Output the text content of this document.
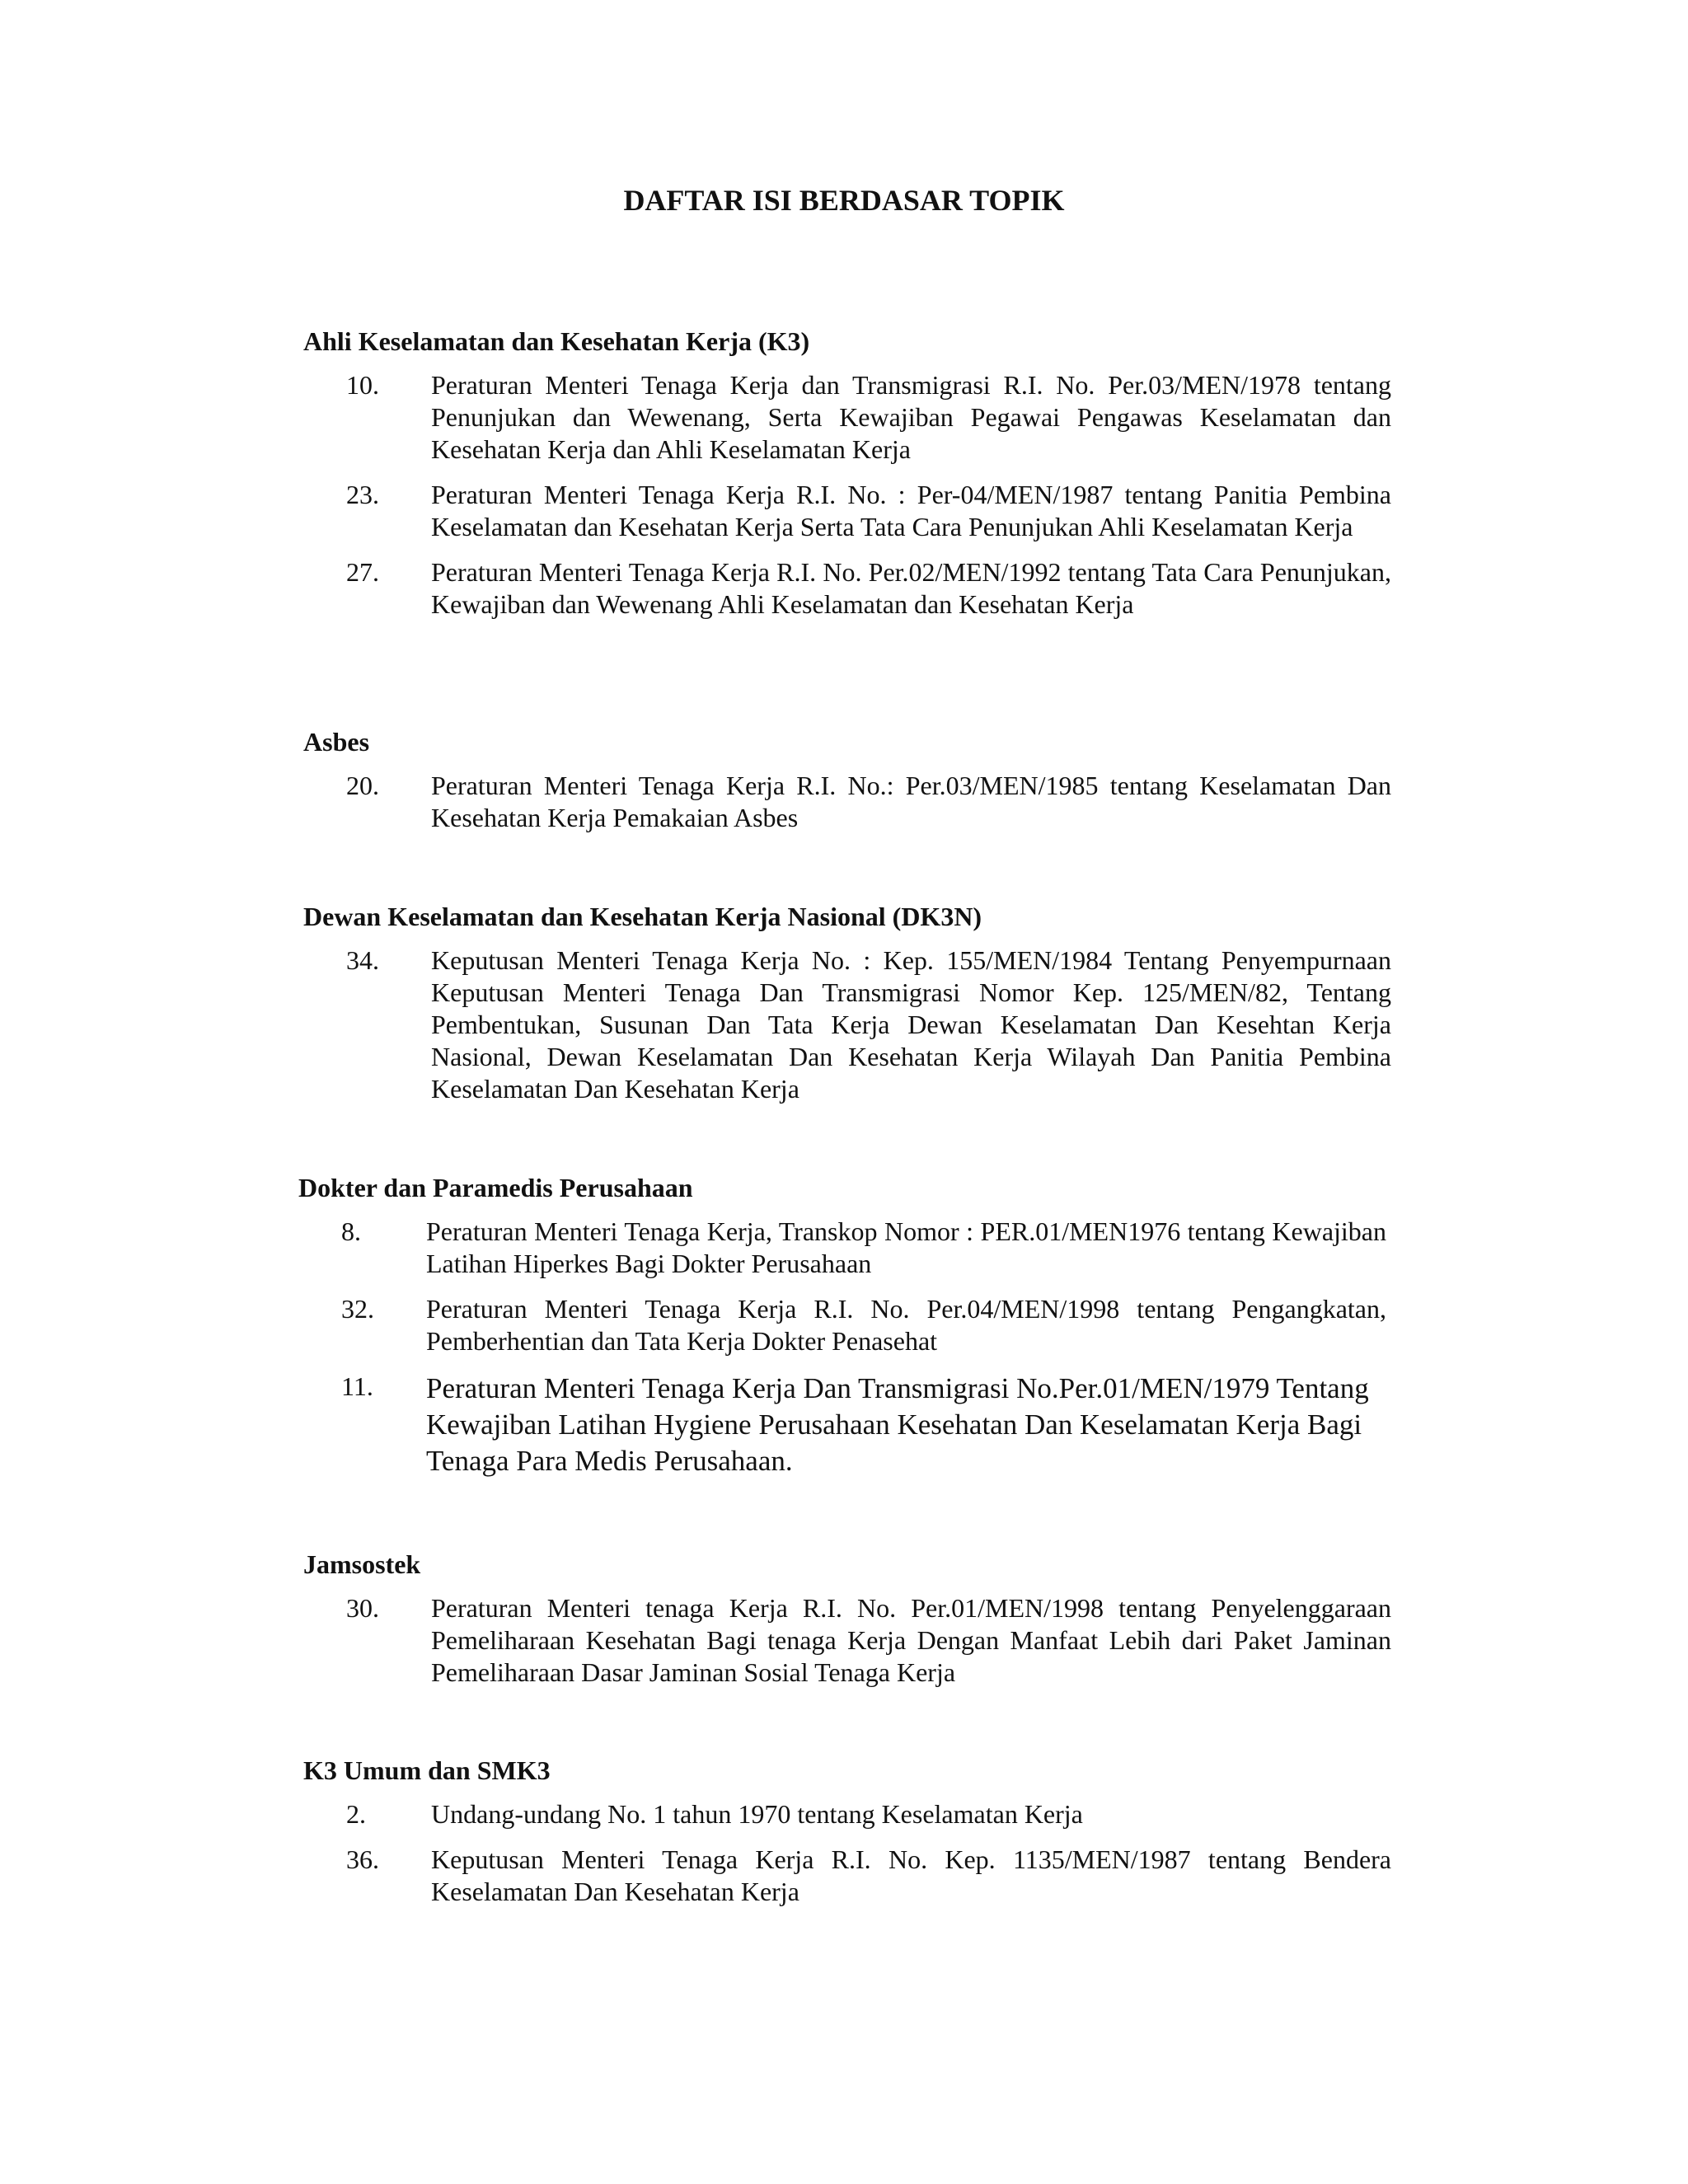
DAFTAR ISI BERDASAR TOPIK
Ahli Keselamatan dan Kesehatan Kerja (K3)
10.	Peraturan Menteri Tenaga Kerja dan Transmigrasi R.I. No. Per.03/MEN/1978 tentang Penunjukan dan Wewenang, Serta Kewajiban Pegawai Pengawas Keselamatan dan Kesehatan Kerja dan Ahli Keselamatan Kerja
23.	Peraturan Menteri Tenaga Kerja R.I. No. : Per-04/MEN/1987 tentang Panitia Pembina Keselamatan dan Kesehatan Kerja Serta Tata Cara Penunjukan Ahli Keselamatan Kerja
27.	Peraturan Menteri Tenaga Kerja R.I. No. Per.02/MEN/1992 tentang Tata Cara Penunjukan, Kewajiban dan Wewenang Ahli Keselamatan dan Kesehatan Kerja
Asbes
20.	Peraturan Menteri Tenaga Kerja R.I. No.: Per.03/MEN/1985 tentang Keselamatan Dan Kesehatan Kerja Pemakaian Asbes
Dewan Keselamatan dan Kesehatan Kerja Nasional (DK3N)
34.	Keputusan Menteri Tenaga Kerja No. : Kep. 155/MEN/1984 Tentang Penyempurnaan Keputusan Menteri Tenaga Dan Transmigrasi Nomor Kep. 125/MEN/82, Tentang Pembentukan, Susunan Dan Tata Kerja Dewan Keselamatan Dan Kesehtan Kerja Nasional, Dewan Keselamatan Dan Kesehatan Kerja Wilayah Dan Panitia Pembina Keselamatan Dan Kesehatan Kerja
Dokter dan Paramedis Perusahaan
8.	Peraturan Menteri Tenaga Kerja, Transkop Nomor : PER.01/MEN1976 tentang Kewajiban Latihan Hiperkes Bagi Dokter Perusahaan
32.	Peraturan Menteri Tenaga Kerja R.I. No. Per.04/MEN/1998 tentang Pengangkatan, Pemberhentian dan Tata Kerja Dokter Penasehat
11.	Peraturan Menteri Tenaga Kerja Dan Transmigrasi No.Per.01/MEN/1979 Tentang Kewajiban Latihan Hygiene Perusahaan Kesehatan Dan Keselamatan Kerja Bagi Tenaga Para Medis Perusahaan.
Jamsostek
30.	Peraturan Menteri tenaga Kerja R.I. No. Per.01/MEN/1998 tentang Penyelenggaraan Pemeliharaan Kesehatan Bagi tenaga Kerja Dengan Manfaat Lebih dari Paket Jaminan Pemeliharaan Dasar Jaminan Sosial Tenaga Kerja
K3 Umum dan SMK3
2.	Undang-undang No. 1 tahun 1970 tentang Keselamatan Kerja
36.	Keputusan Menteri Tenaga Kerja R.I. No. Kep. 1135/MEN/1987 tentang Bendera Keselamatan Dan Kesehatan Kerja
